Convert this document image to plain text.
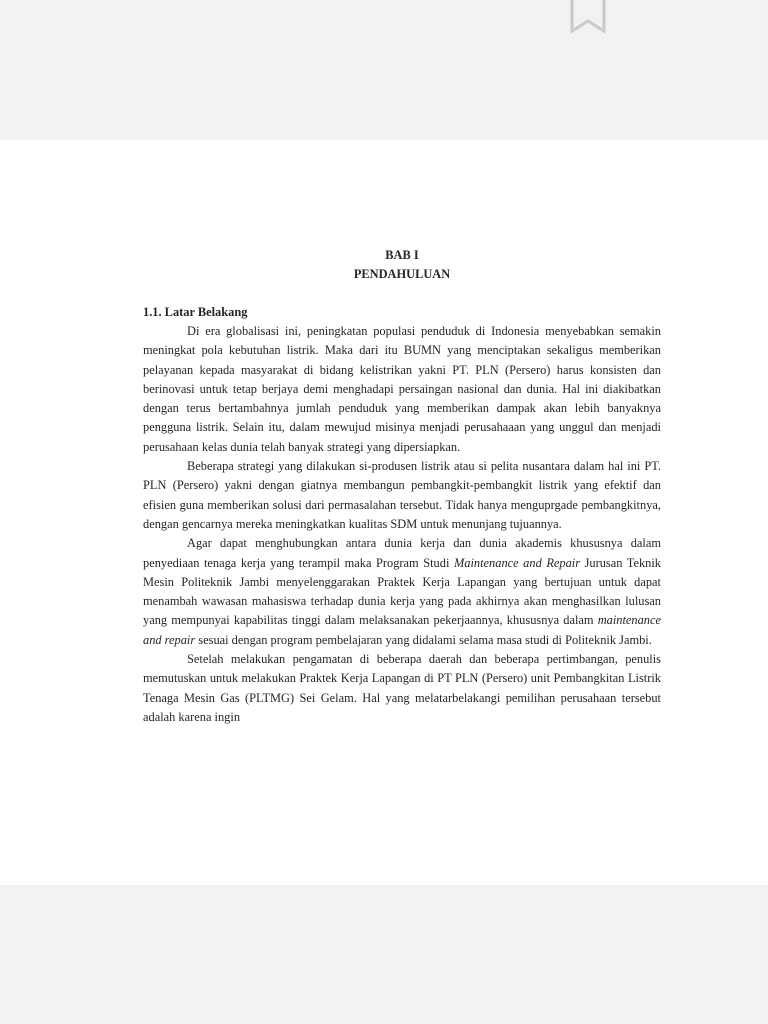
BAB I

PENDAHULUAN

1.1. Latar Belakang

Di era globalisasi ini, peningkatan populasi penduduk di Indonesia menyebabkan semakin meningkat pola kebutuhan listrik. Maka dari itu BUMN yang menciptakan sekaligus memberikan pelayanan kepada masyarakat di bidang kelistrikan yakni PT. PLN (Persero) harus konsisten dan berinovasi untuk tetap berjaya demi menghadapi persaingan nasional dan dunia. Hal ini diakibatkan dengan terus bertambahnya jumlah penduduk yang memberikan dampak akan lebih banyaknya pengguna listrik. Selain itu, dalam mewujud misinya menjadi perusahaaan yang unggul dan menjadi perusahaan kelas dunia telah banyak strategi yang dipersiapkan.

Beberapa strategi yang dilakukan si-produsen listrik atau si pelita nusantara dalam hal ini PT. PLN (Persero) yakni dengan giatnya membangun pembangkit-pembangkit listrik yang efektif dan efisien guna memberikan solusi dari permasalahan tersebut. Tidak hanya menguprgade pembangkitnya, dengan gencarnya mereka meningkatkan kualitas SDM untuk menunjang tujuannya.

Agar dapat menghubungkan antara dunia kerja dan dunia akademis khususnya dalam penyediaan tenaga kerja yang terampil maka Program Studi Maintenance and Repair Jurusan Teknik Mesin Politeknik Jambi menyelenggarakan Praktek Kerja Lapangan yang bertujuan untuk dapat menambah wawasan mahasiswa terhadap dunia kerja yang pada akhirnya akan menghasilkan lulusan yang mempunyai kapabilitas tinggi dalam melaksanakan pekerjaannya, khususnya dalam maintenance and repair sesuai dengan program pembelajaran yang didalami selama masa studi di Politeknik Jambi.

Setelah melakukan pengamatan di beberapa daerah dan beberapa pertimbangan, penulis memutuskan untuk melakukan Praktek Kerja Lapangan di PT PLN (Persero) unit Pembangkitan Listrik Tenaga Mesin Gas (PLTMG) Sei Gelam. Hal yang melatarbelakangi pemilihan perusahaan tersebut adalah karena ingin
